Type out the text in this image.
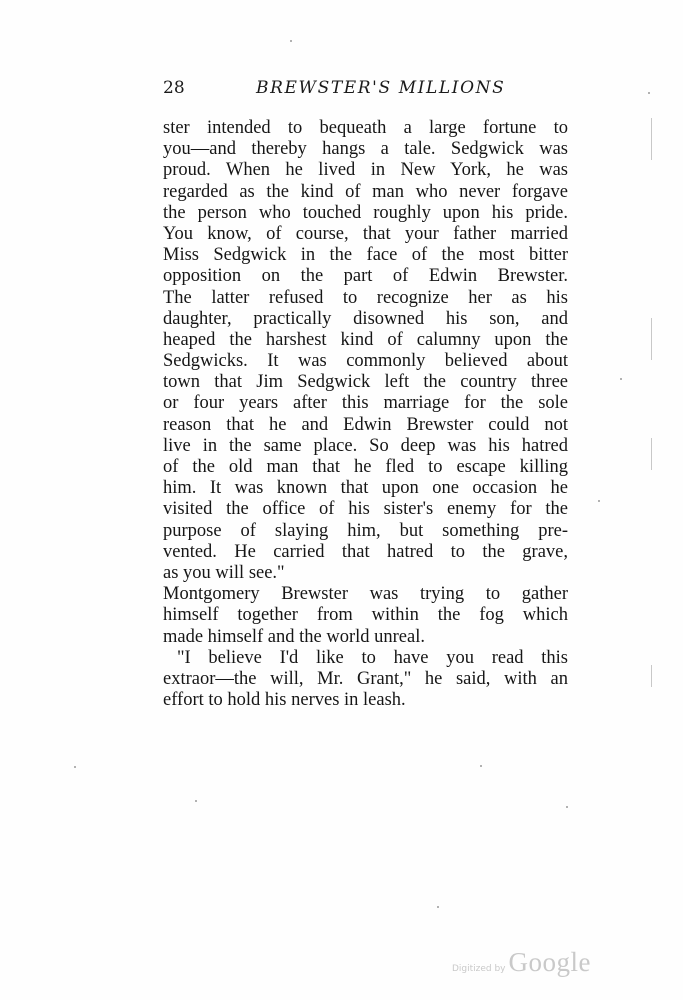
28	BREWSTER'S MILLIONS
ster intended to bequeath a large fortune to
you—and thereby hangs a tale. Sedgwick was
proud. When he lived in New York, he was
regarded as the kind of man who never forgave
the person who touched roughly upon his pride.
You know, of course, that your father married
Miss Sedgwick in the face of the most bitter
opposition on the part of Edwin Brewster.
The latter refused to recognize her as his
daughter, practically disowned his son, and
heaped the harshest kind of calumny upon the
Sedgwicks. It was commonly believed about
town that Jim Sedgwick left the country three
or four years after this marriage for the sole
reason that he and Edwin Brewster could not
live in the same place. So deep was his hatred
of the old man that he fled to escape killing
him. It was known that upon one occasion he
visited the office of his sister's enemy for the
purpose of slaying him, but something pre-
vented. He carried that hatred to the grave,
as you will see."
Montgomery Brewster was trying to gather
himself together from within the fog which
made himself and the world unreal.
"I believe I'd like to have you read this
extraor—the will, Mr. Grant," he said, with an
effort to hold his nerves in leash.
Digitized by Google
